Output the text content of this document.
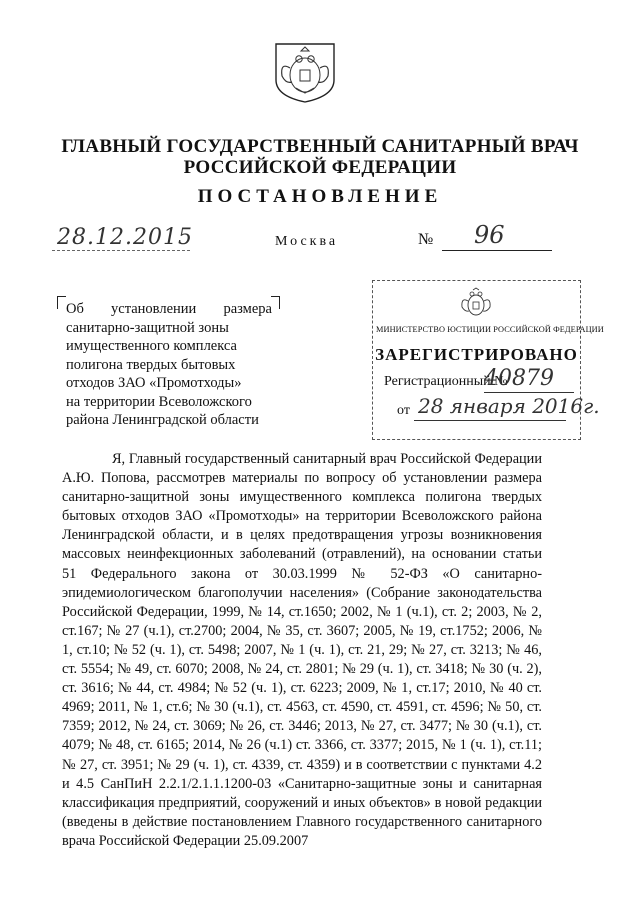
ГЛАВНЫЙ ГОСУДАРСТВЕННЫЙ САНИТАРНЫЙ ВРАЧ
РОССИЙСКОЙ ФЕДЕРАЦИИ
ПОСТАНОВЛЕНИЕ
28.12.2015	Москва	№ 96
Об установлении размера
санитарно-защитной зоны
имущественного комплекса
полигона твердых бытовых
отходов ЗАО «Промотходы»
на территории Всеволожского
района Ленинградской области
МИНИСТЕРСТВО ЮСТИЦИИ РОССИЙСКОЙ ФЕДЕРАЦИИ
ЗАРЕГИСТРИРОВАНО
Регистрационный №
40879
от 28 января 2016г.

Я, Главный государственный санитарный врач Российской Федерации А.Ю. Попова, рассмотрев материалы по вопросу об установлении размера санитарно-защитной зоны имущественного комплекса полигона твердых бытовых отходов ЗАО «Промотходы» на территории Всеволожского района Ленинградской области, и в целях предотвращения угрозы возникновения массовых неинфекционных заболеваний (отравлений), на основании статьи 51 Федерального закона от 30.03.1999 № 52-ФЗ «О санитарно-эпидемиологическом благополучии населения» (Собрание законодательства Российской Федерации, 1999, № 14, ст.1650; 2002, № 1 (ч.1), ст. 2; 2003, № 2, ст.167; № 27 (ч.1), ст.2700; 2004, № 35, ст. 3607; 2005, № 19, ст.1752; 2006, № 1, ст.10; № 52 (ч. 1), ст. 5498; 2007, № 1 (ч. 1), ст. 21, 29; № 27, ст. 3213; № 46, ст. 5554; № 49, ст. 6070; 2008, № 24, ст. 2801; № 29 (ч. 1), ст. 3418; № 30 (ч. 2), ст. 3616; № 44, ст. 4984; № 52 (ч. 1), ст. 6223; 2009, № 1, ст.17; 2010, № 40 ст. 4969; 2011, № 1, ст.6; № 30 (ч.1), ст. 4563, ст. 4590, ст. 4591, ст. 4596; № 50, ст. 7359; 2012, № 24, ст. 3069; № 26, ст. 3446; 2013, № 27, ст. 3477; № 30 (ч.1), ст. 4079; № 48, ст. 6165; 2014, № 26 (ч.1) ст. 3366, ст. 3377; 2015, № 1 (ч. 1), ст.11; № 27, ст. 3951; № 29 (ч. 1), ст. 4339, ст. 4359) и в соответствии с пунктами 4.2 и 4.5 СанПиН 2.2.1/2.1.1.1200-03 «Санитарно-защитные зоны и санитарная классификация предприятий, сооружений и иных объектов» в новой редакции (введены в действие постановлением Главного государственного санитарного врача Российской Федерации 25.09.2007
